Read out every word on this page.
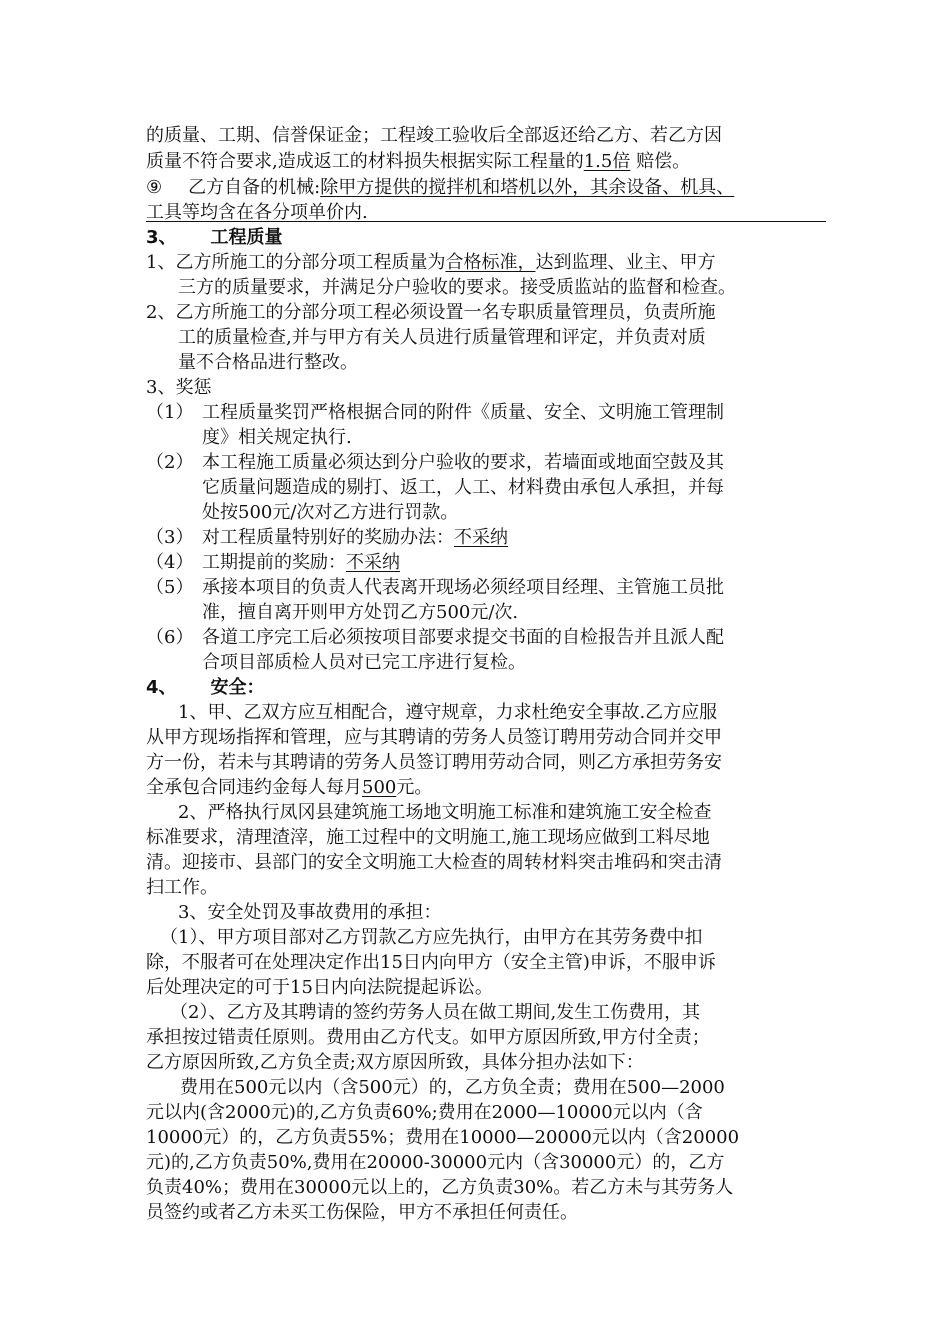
的质量、工期、信誉保证金；工程竣工验收后全部返还给乙方、若乙方因
质量不符合要求,造成返工的材料损失根据实际工程量的1.5倍 赔偿。
⑨ 乙方自备的机械:除甲方提供的搅拌机和塔机以外，其余设备、机具、
工具等均含在各分项单价内.
3、 工程质量
1、乙方所施工的分部分项工程质量为合格标准，达到监理、业主、甲方
三方的质量要求，并满足分户验收的要求。接受质监站的监督和检查。
2、乙方所施工的分部分项工程必须设置一名专职质量管理员，负责所施
工的质量检查,并与甲方有关人员进行质量管理和评定，并负责对质
量不合格品进行整改。
3、奖惩
（1） 工程质量奖罚严格根据合同的附件《质量、安全、文明施工管理制
度》相关规定执行.
（2） 本工程施工质量必须达到分户验收的要求，若墙面或地面空鼓及其
它质量问题造成的剔打、返工，人工、材料费由承包人承担，并每
处按500元/次对乙方进行罚款。
（3） 对工程质量特别好的奖励办法：不采纳
（4） 工期提前的奖励：不采纳
（5） 承接本项目的负责人代表离开现场必须经项目经理、主管施工员批
准，擅自离开则甲方处罚乙方500元/次.
（6） 各道工序完工后必须按项目部要求提交书面的自检报告并且派人配
合项目部质检人员对已完工序进行复检。
4、 安全：
1、甲、乙双方应互相配合，遵守规章，力求杜绝安全事故.乙方应服
从甲方现场指挥和管理，应与其聘请的劳务人员签订聘用劳动合同并交甲
方一份，若未与其聘请的劳务人员签订聘用劳动合同，则乙方承担劳务安
全承包合同违约金每人每月500元。
2、严格执行凤冈县建筑施工场地文明施工标准和建筑施工安全检查
标准要求，清理渣滓，施工过程中的文明施工,施工现场应做到工料尽地
清。迎接市、县部门的安全文明施工大检查的周转材料突击堆码和突击清
扫工作。
3、安全处罚及事故费用的承担：
（1）、甲方项目部对乙方罚款乙方应先执行，由甲方在其劳务费中扣
除，不服者可在处理决定作出15日内向甲方（安全主管)申诉，不服申诉
后处理决定的可于15日内向法院提起诉讼。
（2）、乙方及其聘请的签约劳务人员在做工期间,发生工伤费用，其
承担按过错责任原则。费用由乙方代支。如甲方原因所致,甲方付全责；
乙方原因所致,乙方负全责;双方原因所致，具体分担办法如下：
费用在500元以内（含500元）的，乙方负全责；费用在500—2000
元以内(含2000元)的,乙方负责60%;费用在2000—10000元以内（含
10000元）的，乙方负责55%；费用在10000—20000元以内（含20000
元)的,乙方负责50%,费用在20000-30000元内（含30000元）的，乙方
负责40%；费用在30000元以上的，乙方负责30%。若乙方未与其劳务人
员签约或者乙方未买工伤保险，甲方不承担任何责任。
